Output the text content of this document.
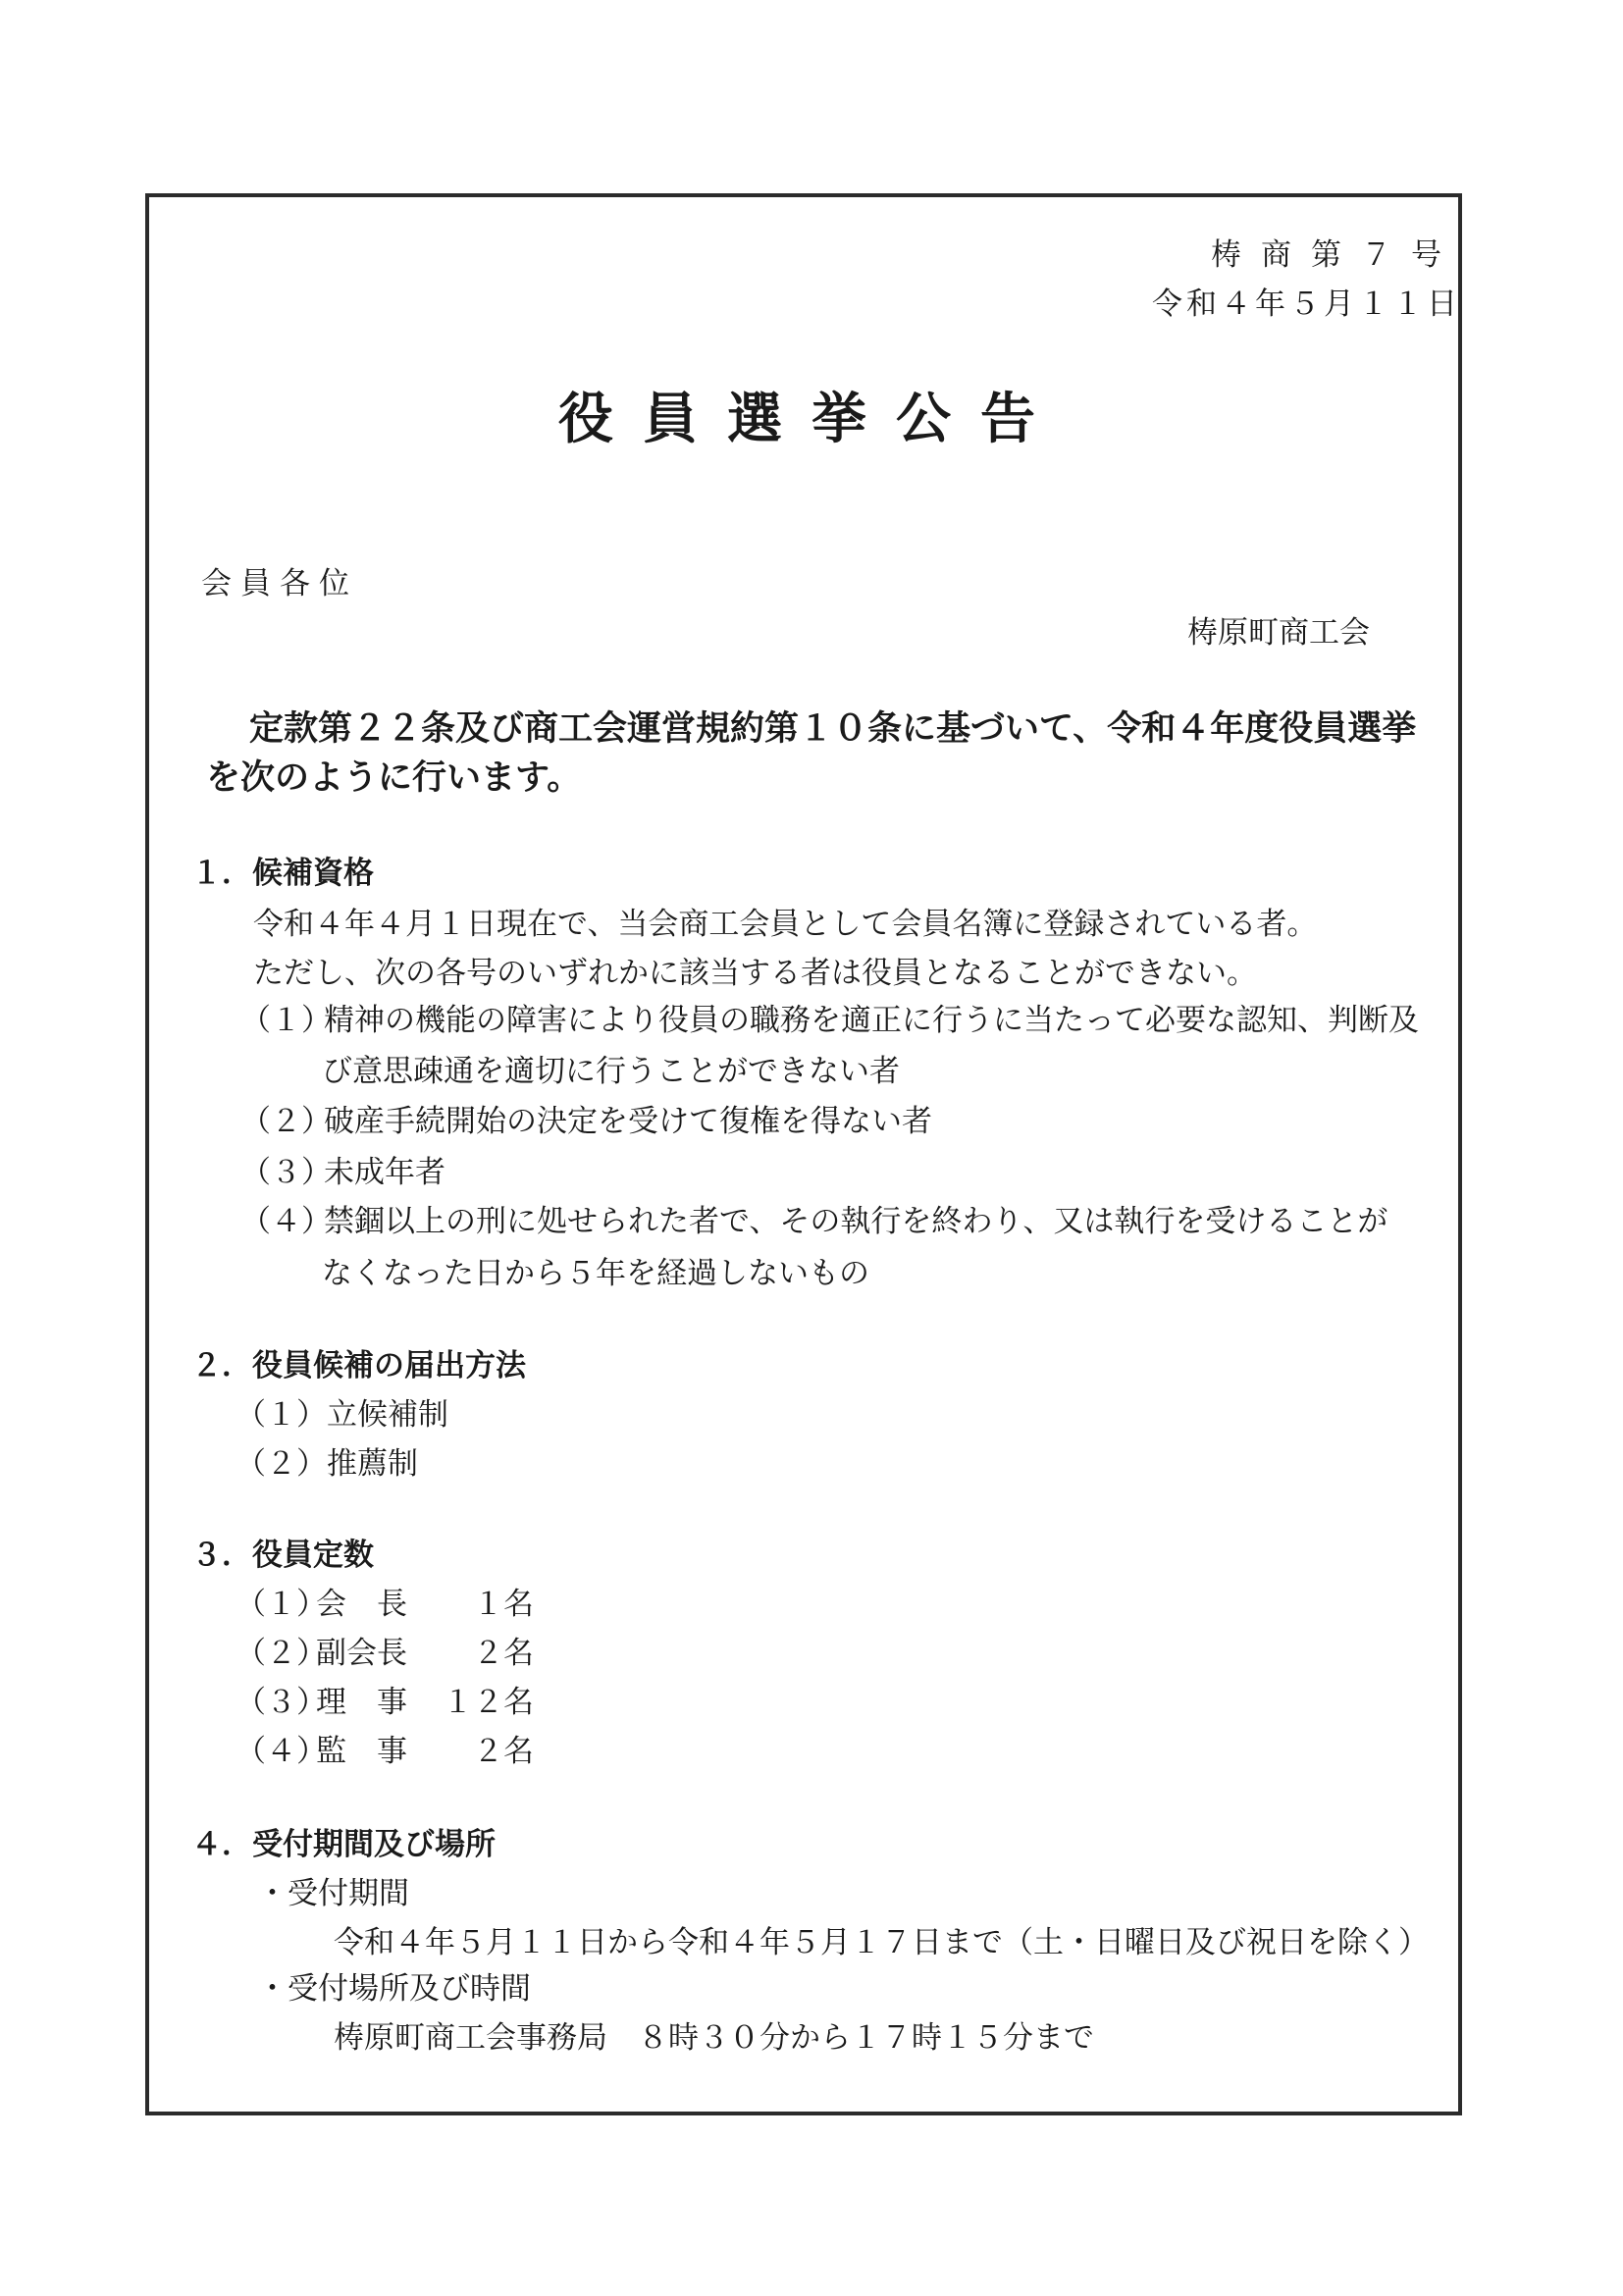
梼商第７号
令和４年５月１１日
役員選挙公告
会員各位
梼原町商工会
定款第２２条及び商工会運営規約第１０条に基づいて、令和４年度役員選挙を次のように行います。
１．候補資格
令和４年４月１日現在で、当会商工会員として会員名簿に登録されている者。
ただし、次の各号のいずれかに該当する者は役員となることができない。
（１）
精神の機能の障害により役員の職務を適正に行うに当たって必要な認知、判断及
び意思疎通を適切に行うことができない者
（２）
破産手続開始の決定を受けて復権を得ない者
（３）
未成年者
（４）
禁錮以上の刑に処せられた者で、その執行を終わり、又は執行を受けることが
なくなった日から５年を経過しないもの
２．役員候補の届出方法
（１）立候補制
（２）推薦制
３．役員定数
（１）
会　長 １名
（２）
副会長 ２名
（３）
理　事 １２名
（４）
監　事 ２名
４．受付期間及び場所
・受付期間
令和４年５月１１日から令和４年５月１７日まで（土・日曜日及び祝日を除く）
・受付場所及び時間
梼原町商工会事務局　８時３０分から１７時１５分まで
